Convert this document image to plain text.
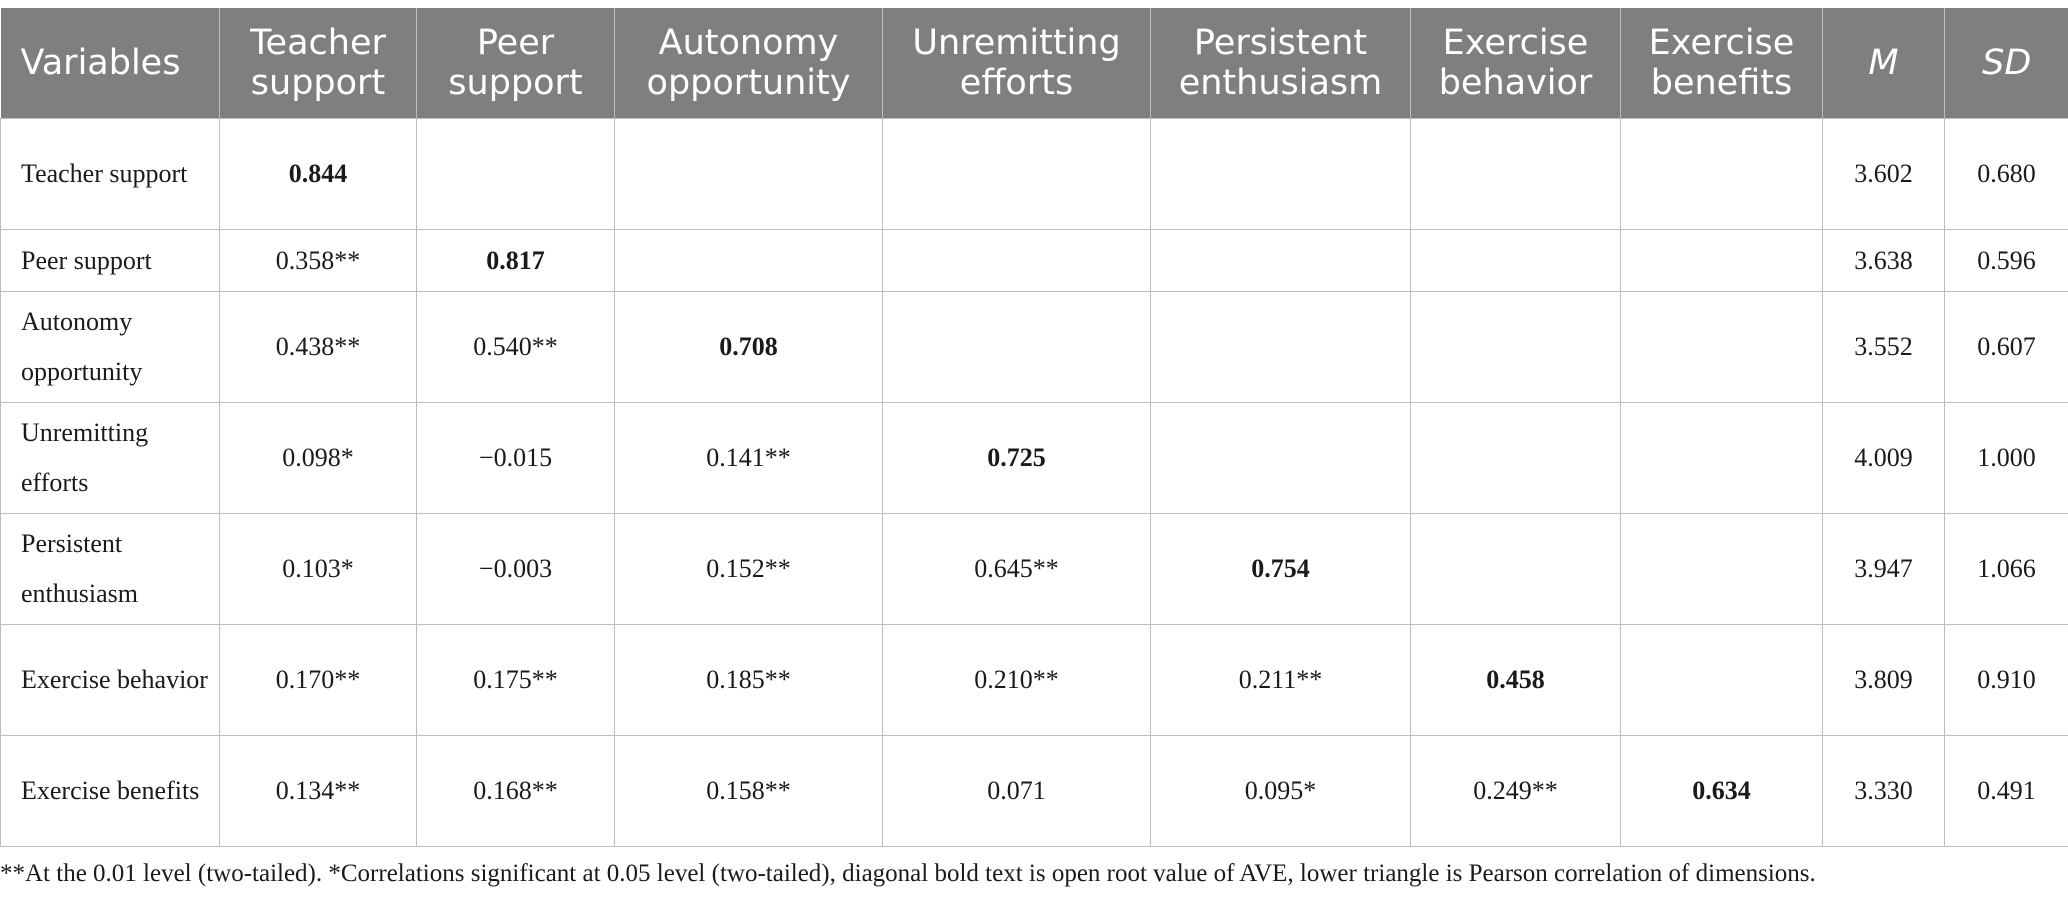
Variables	Teacher support	Peer support	Autonomy opportunity	Unremitting efforts	Persistent enthusiasm	Exercise behavior	Exercise benefits	M	SD
Teacher support	0.844							3.602	0.680
Peer support	0.358**	0.817						3.638	0.596
Autonomy opportunity	0.438**	0.540**	0.708					3.552	0.607
Unremitting efforts	0.098*	−0.015	0.141**	0.725				4.009	1.000
Persistent enthusiasm	0.103*	−0.003	0.152**	0.645**	0.754			3.947	1.066
Exercise behavior	0.170**	0.175**	0.185**	0.210**	0.211**	0.458		3.809	0.910
Exercise benefits	0.134**	0.168**	0.158**	0.071	0.095*	0.249**	0.634	3.330	0.491
**At the 0.01 level (two-tailed). *Correlations significant at 0.05 level (two-tailed), diagonal bold text is open root value of AVE, lower triangle is Pearson correlation of dimensions.
